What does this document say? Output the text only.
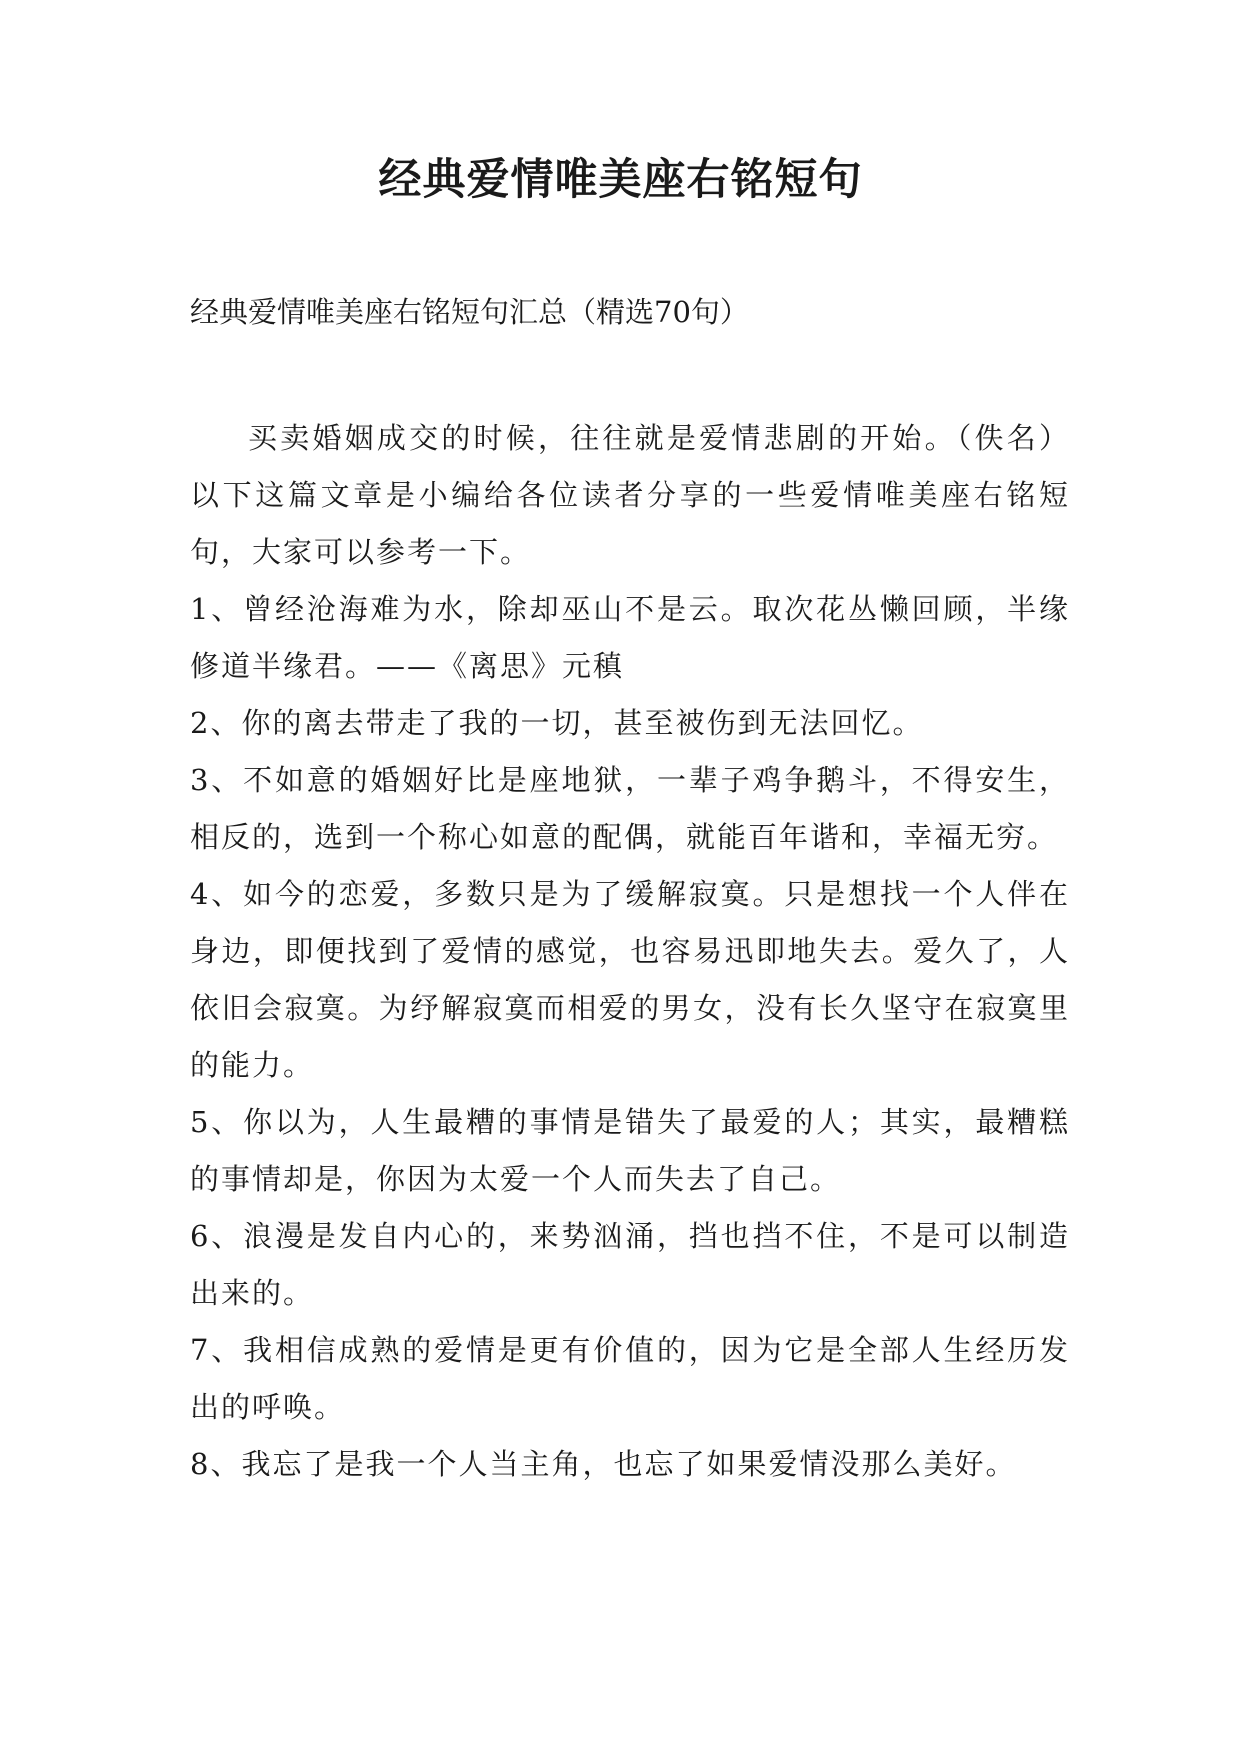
经典爱情唯美座右铭短句

经典爱情唯美座右铭短句汇总（精选70句）

买卖婚姻成交的时候，往往就是爱情悲剧的开始。（佚名）以下这篇文章是小编给各位读者分享的一些爱情唯美座右铭短句，大家可以参考一下。

1、曾经沧海难为水，除却巫山不是云。取次花丛懒回顾，半缘修道半缘君。——《离思》元稹

2、你的离去带走了我的一切，甚至被伤到无法回忆。

3、不如意的婚姻好比是座地狱，一辈子鸡争鹅斗，不得安生，相反的，选到一个称心如意的配偶，就能百年谐和，幸福无穷。

4、如今的恋爱，多数只是为了缓解寂寞。只是想找一个人伴在身边，即便找到了爱情的感觉，也容易迅即地失去。爱久了，人依旧会寂寞。为纾解寂寞而相爱的男女，没有长久坚守在寂寞里的能力。

5、你以为，人生最糟的事情是错失了最爱的人；其实，最糟糕的事情却是，你因为太爱一个人而失去了自己。

6、浪漫是发自内心的，来势汹涌，挡也挡不住，不是可以制造出来的。

7、我相信成熟的爱情是更有价值的，因为它是全部人生经历发出的呼唤。

8、我忘了是我一个人当主角，也忘了如果爱情没那么美好。
